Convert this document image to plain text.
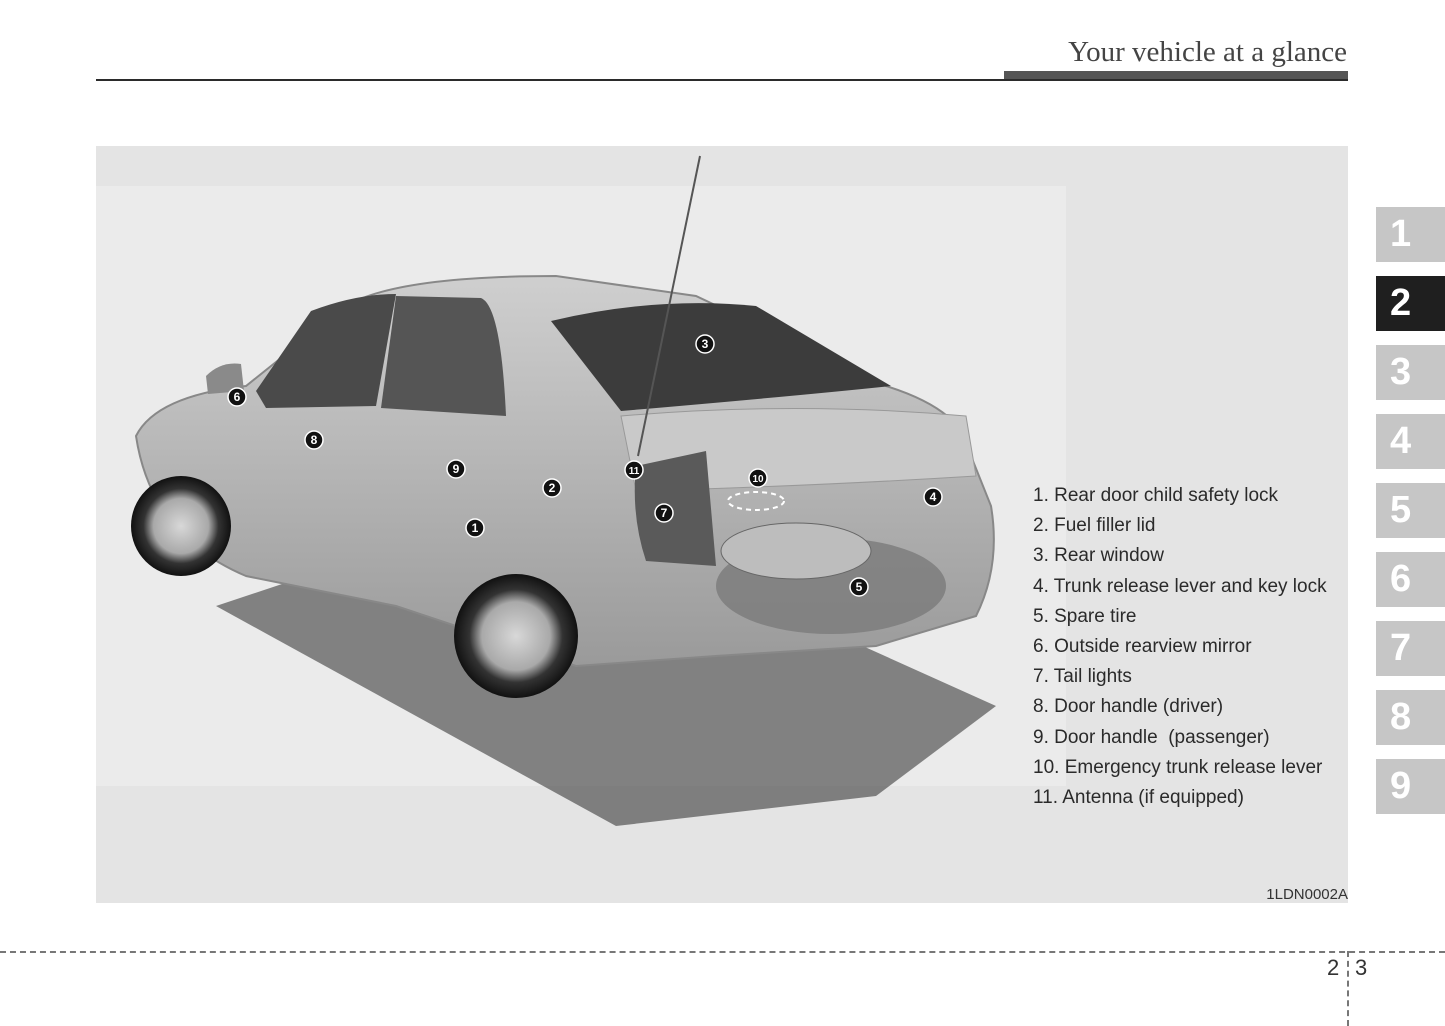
Your vehicle at a glance
1
2
3
4
5
6
7
8
9
10
11
1. Rear door child safety lock
2. Fuel filler lid
3. Rear window
4. Trunk release lever and key lock
5. Spare tire
6. Outside rearview mirror
7. Tail lights
8. Door handle (driver)
9. Door handle  (passenger)
10. Emergency trunk release lever
11. Antenna (if equipped)
1LDN0002A
1
2
3
4
5
6
7
8
9
2 3
